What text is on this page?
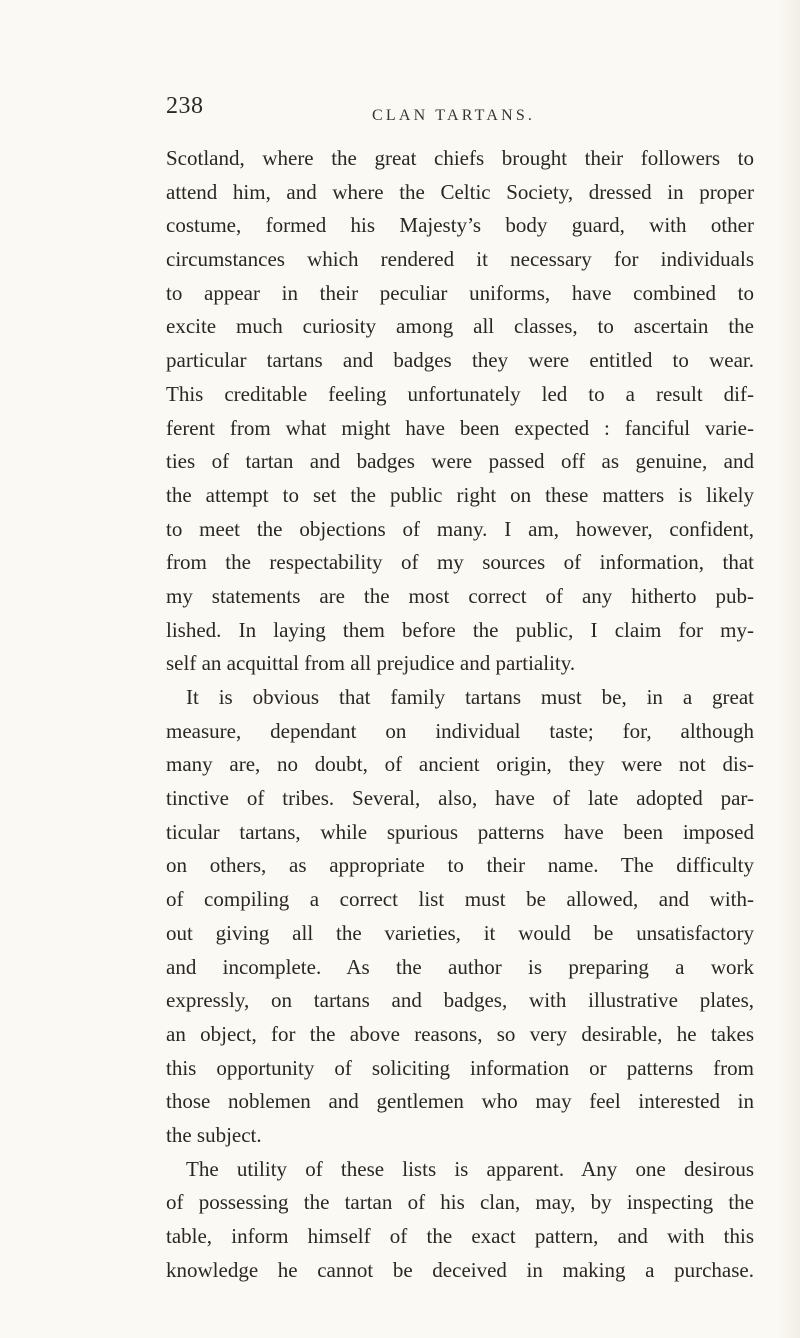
238	CLAN TARTANS.
Scotland, where the great chiefs brought their followers to
attend him, and where the Celtic Society, dressed in proper
costume, formed his Majesty’s body guard, with other
circumstances which rendered it necessary for individuals
to appear in their peculiar uniforms, have combined to
excite much curiosity among all classes, to ascertain the
particular tartans and badges they were entitled to wear.
This creditable feeling unfortunately led to a result dif-
ferent from what might have been expected : fanciful varie-
ties of tartan and badges were passed off as genuine, and
the attempt to set the public right on these matters is likely
to meet the objections of many. I am, however, confident,
from the respectability of my sources of information, that
my statements are the most correct of any hitherto pub-
lished. In laying them before the public, I claim for my-
self an acquittal from all prejudice and partiality.
It is obvious that family tartans must be, in a great
measure, dependant on individual taste; for, although
many are, no doubt, of ancient origin, they were not dis-
tinctive of tribes. Several, also, have of late adopted par-
ticular tartans, while spurious patterns have been imposed
on others, as appropriate to their name. The difficulty
of compiling a correct list must be allowed, and with-
out giving all the varieties, it would be unsatisfactory
and incomplete. As the author is preparing a work
expressly, on tartans and badges, with illustrative plates,
an object, for the above reasons, so very desirable, he takes
this opportunity of soliciting information or patterns from
those noblemen and gentlemen who may feel interested in
the subject.
The utility of these lists is apparent. Any one desirous
of possessing the tartan of his clan, may, by inspecting the
table, inform himself of the exact pattern, and with this
knowledge he cannot be deceived in making a purchase.
